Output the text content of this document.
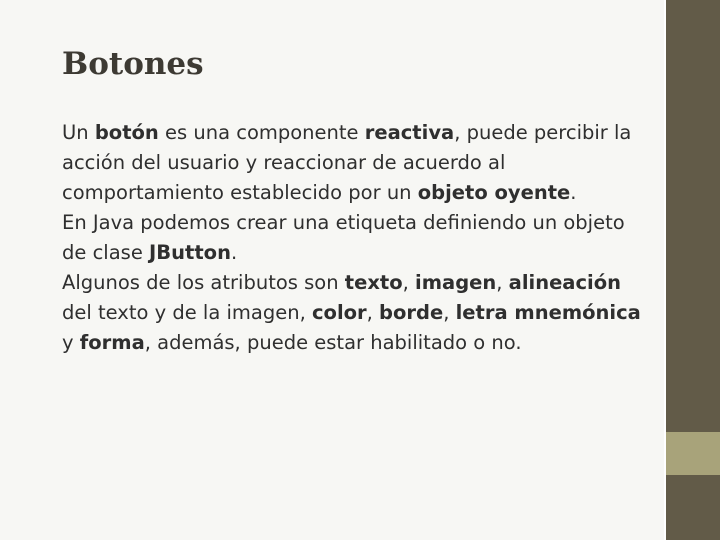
Botones

Un botón es una componente reactiva, puede percibir la acción del usuario y reaccionar de acuerdo al comportamiento establecido por un objeto oyente.

En Java podemos crear una etiqueta definiendo un objeto de clase JButton.

Algunos de los atributos son texto, imagen, alineación del texto y de la imagen, color, borde, letra mnemónica y forma, además, puede estar habilitado o no.
